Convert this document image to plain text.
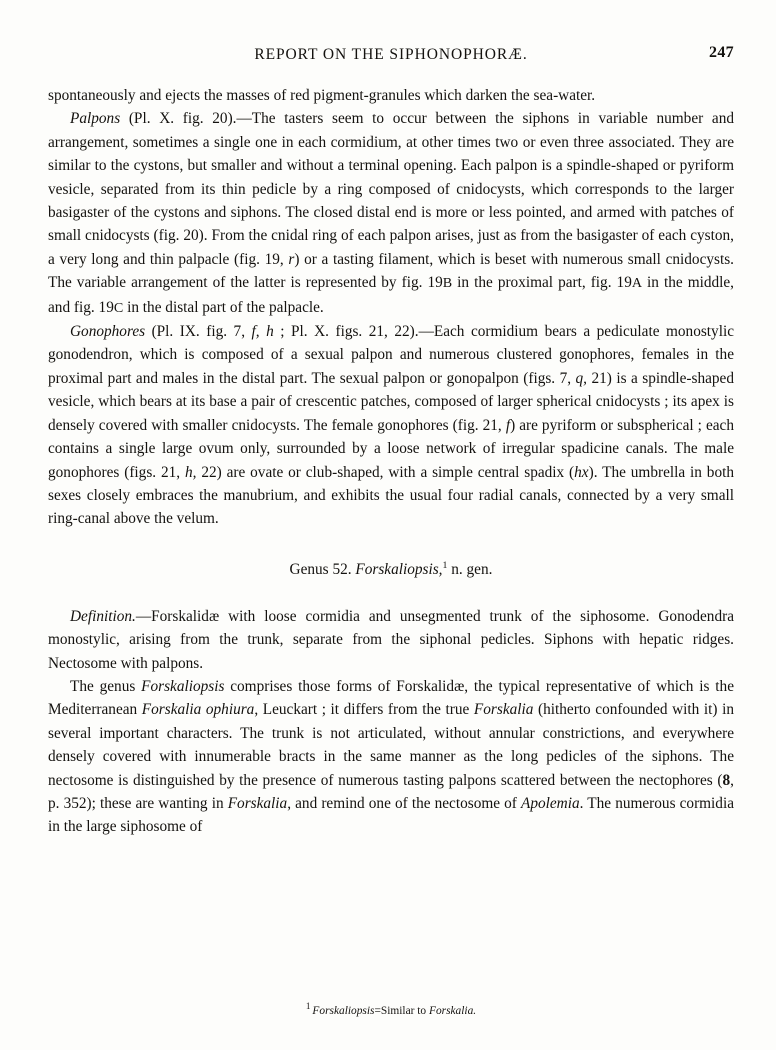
REPORT ON THE SIPHONOPHORÆ.	247

spontaneously and ejects the masses of red pigment-granules which darken the sea-water.

Palpons (Pl. X. fig. 20).—The tasters seem to occur between the siphons in variable number and arrangement, sometimes a single one in each cormidium, at other times two or even three associated. They are similar to the cystons, but smaller and without a terminal opening. Each palpon is a spindle-shaped or pyriform vesicle, separated from its thin pedicle by a ring composed of cnidocysts, which corresponds to the larger basigaster of the cystons and siphons. The closed distal end is more or less pointed, and armed with patches of small cnidocysts (fig. 20). From the cnidal ring of each palpon arises, just as from the basigaster of each cyston, a very long and thin palpacle (fig. 19, r) or a tasting filament, which is beset with numerous small cnidocysts. The variable arrangement of the latter is represented by fig. 19B in the proximal part, fig. 19A in the middle, and fig. 19C in the distal part of the palpacle.

Gonophores (Pl. IX. fig. 7, f, h ; Pl. X. figs. 21, 22).—Each cormidium bears a pediculate monostylic gonodendron, which is composed of a sexual palpon and numerous clustered gonophores, females in the proximal part and males in the distal part. The sexual palpon or gonopalpon (figs. 7, q, 21) is a spindle-shaped vesicle, which bears at its base a pair of crescentic patches, composed of larger spherical cnidocysts ; its apex is densely covered with smaller cnidocysts. The female gonophores (fig. 21, f) are pyriform or subspherical ; each contains a single large ovum only, surrounded by a loose network of irregular spadicine canals. The male gonophores (figs. 21, h, 22) are ovate or club-shaped, with a simple central spadix (hx). The umbrella in both sexes closely embraces the manubrium, and exhibits the usual four radial canals, connected by a very small ring-canal above the velum.

Genus 52. Forskaliopsis,$^1$ n. gen.

Definition.—Forskalidæ with loose cormidia and unsegmented trunk of the siphosome. Gonodendra monostylic, arising from the trunk, separate from the siphonal pedicles. Siphons with hepatic ridges. Nectosome with palpons.

The genus Forskaliopsis comprises those forms of Forskalidæ, the typical representative of which is the Mediterranean Forskalia ophiura, Leuckart ; it differs from the true Forskalia (hitherto confounded with it) in several important characters. The trunk is not articulated, without annular constrictions, and everywhere densely covered with innumerable bracts in the same manner as the long pedicles of the siphons. The nectosome is distinguished by the presence of numerous tasting palpons scattered between the nectophores (8, p. 352); these are wanting in Forskalia, and remind one of the nectosome of Apolemia. The numerous cormidia in the large siphosome of

$^1$ Forskaliopsis=Similar to Forskalia.
